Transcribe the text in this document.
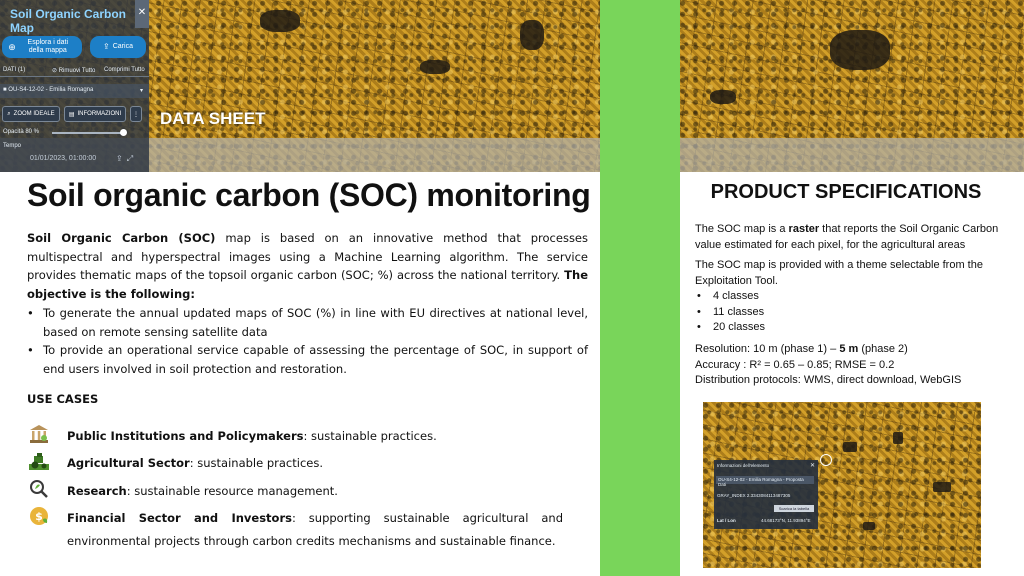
Soil Organic Carbon Map
✕
⊕	Esplora i dati della mappa	⇪ Carica
DATI (1)	⊘ Rimuovi Tutto Comprimi Tutto
■ OU-S4-12-02 - Emilia Romagna	▾
⌕ ZOOM IDEALE ▤ INFORMAZIONI	⋮
Opacità 80 %
Tempo
01/01/2023, 01:00:00 ⇪⤢
DATA SHEET
Soil organic carbon (SOC) monitoring

Soil Organic Carbon (SOC) map is based on an innovative method that processes multispectral and hyperspectral images using a Machine Learning algorithm. The service provides thematic maps of the topsoil organic carbon (SOC; %) across the national territory. The objective is the following:

• To generate the annual updated maps of SOC (%) in line with EU directives at national level, based on remote sensing satellite data
• To provide an operational service capable of assessing the percentage of SOC, in support of end users involved in soil protection and restoration.
USE CASES
Public Institutions and Policymakers: sustainable practices.
Agricultural Sector: sustainable practices.
Research: sustainable resource management.
$ Financial Sector and Investors: supporting sustainable agricultural and environmental projects through carbon credits mechanisms and sustainable finance.
PRODUCT SPECIFICATIONS

The SOC map is a raster that reports the Soil Organic Carbon value estimated for each pixel, for the agricultural areas

The SOC map is provided with a theme selectable from the Exploitation Tool.

• 4 classes
• 11 classes
• 20 classes
Resolution: 10 m (phase 1) – 5 m (phase 2)
Accuracy : R² = 0.65 – 0.85; RMSE = 0.2
Distribution protocols: WMS, direct download, WebGIS
Informazioni dell'elemento	✕
OU-S4-12-02 - Emilia Romagna - Proposta Dati
GRAY_INDEX 2.3343084113487305
Scarica la tabella
Lat / Lon	44.68173°N, 11.93894°E
